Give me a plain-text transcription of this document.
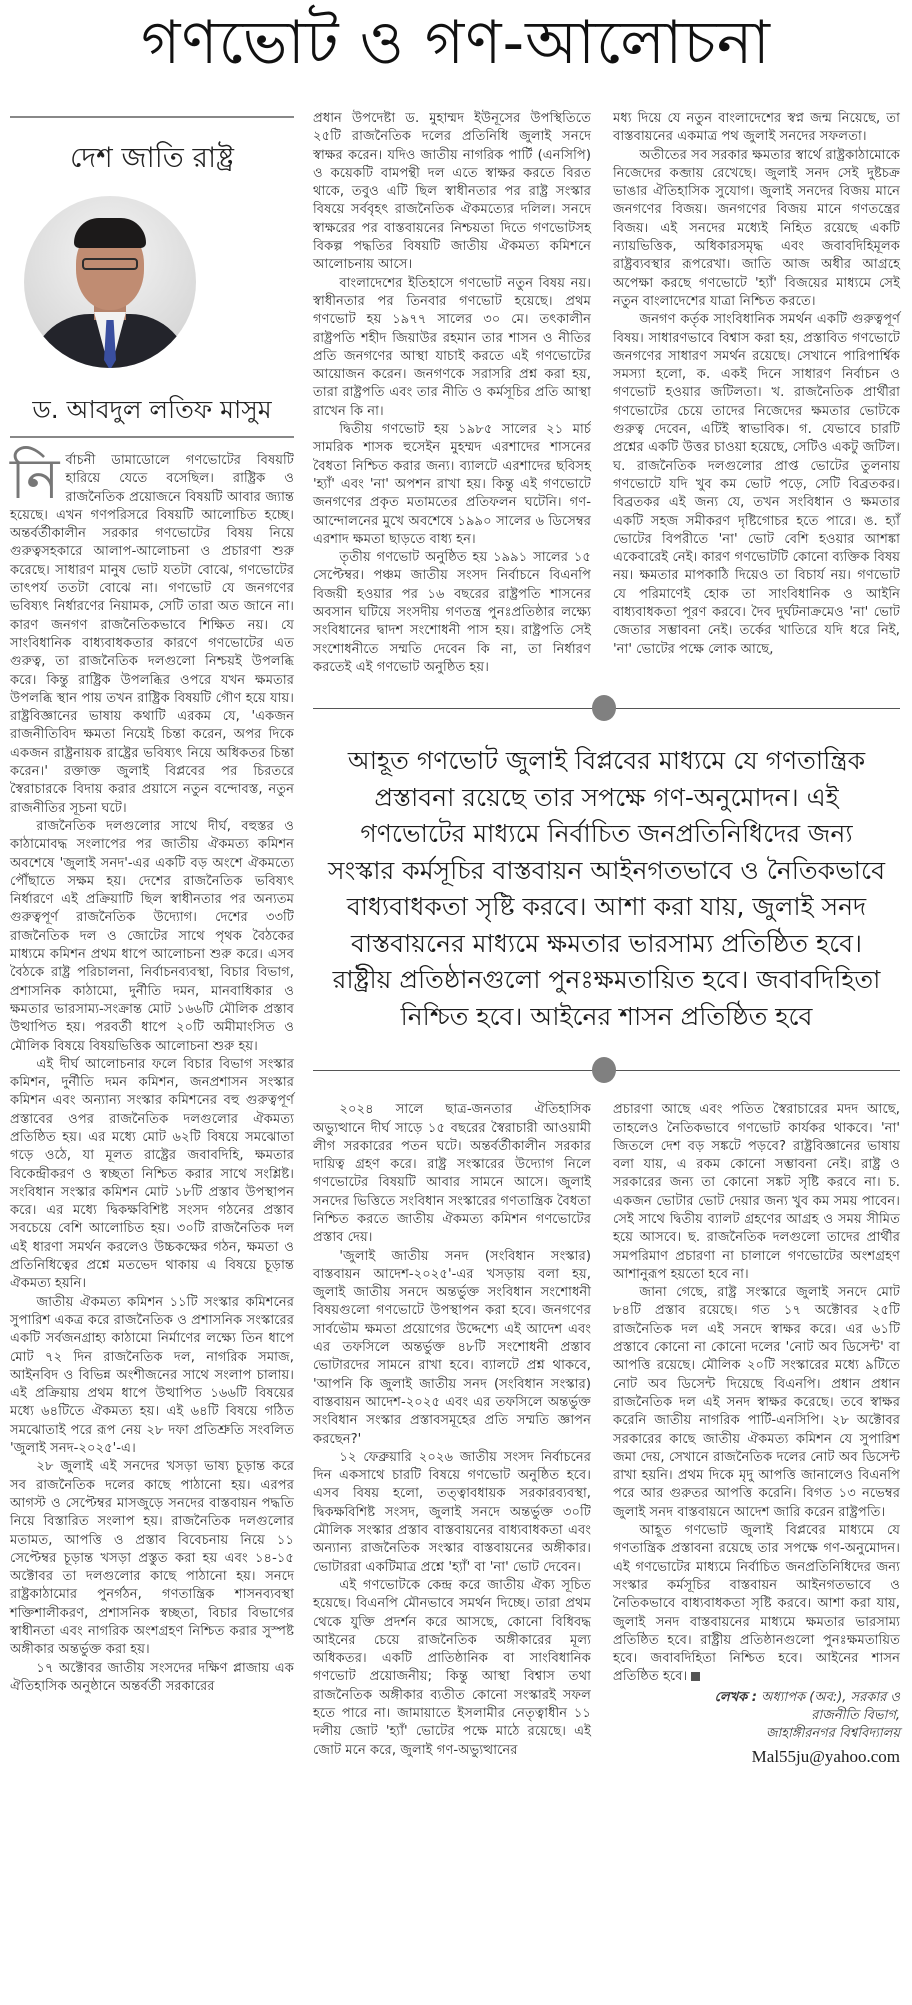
গণভোট ও গণ-আলোচনা
দেশ জাতি রাষ্ট্র
ড. আবদুল লতিফ মাসুম

নির্বাচনী ডামাডোলে গণভোটের বিষয়টি হারিয়ে যেতে বসেছিল। রাষ্ট্রিক ও রাজনৈতিক প্রয়োজনে বিষয়টি আবার জ্যান্ত হয়েছে। এখন গণপরিসরে বিষয়টি আলোচিত হচ্ছে। অন্তর্বর্তীকালীন সরকার গণভোটের বিষয় নিয়ে গুরুত্বসহকারে আলাপ-আলোচনা ও প্রচারণা শুরু করেছে। সাধারণ মানুষ ভোট যতটা বোঝে, গণভোটের তাৎপর্য ততটা বোঝে না। গণভোট যে জনগণের ভবিষ্যৎ নির্ধারণের নিয়ামক, সেটি তারা অত জানে না। কারণ জনগণ রাজনৈতিকভাবে শিক্ষিত নয়। যে সাংবিধানিক বাধ্যবাধকতার কারণে গণভোটের এত গুরুত্ব, তা রাজনৈতিক দলগুলো নিশ্চয়ই উপলব্ধি করে। কিন্তু রাষ্ট্রিক উপলব্ধির ওপরে যখন ক্ষমতার উপলব্ধি স্থান পায় তখন রাষ্ট্রিক বিষয়টি গৌণ হয়ে যায়। রাষ্ট্রবিজ্ঞানের ভাষায় কথাটি এরকম যে, 'একজন রাজনীতিবিদ ক্ষমতা নিয়েই চিন্তা করেন, অপর দিকে একজন রাষ্ট্রনায়ক রাষ্ট্রের ভবিষ্যৎ নিয়ে অধিকতর চিন্তা করেন।' রক্তাক্ত জুলাই বিপ্লবের পর চিরতরে স্বৈরাচারকে বিদায় করার প্রয়াসে নতুন বন্দোবস্ত, নতুন রাজনীতির সূচনা ঘটে।

রাজনৈতিক দলগুলোর সাথে দীর্ঘ, বহুস্তর ও কাঠামোবদ্ধ সংলাপের পর জাতীয় ঐকমত্য কমিশন অবশেষে 'জুলাই সনদ'-এর একটি বড় অংশে ঐকমত্যে পৌঁছাতে সক্ষম হয়। দেশের রাজনৈতিক ভবিষ্যৎ নির্ধারণে এই প্রক্রিয়াটি ছিল স্বাধীনতার পর অন্যতম গুরুত্বপূর্ণ রাজনৈতিক উদ্যোগ। দেশের ৩৩টি রাজনৈতিক দল ও জোটের সাথে পৃথক বৈঠকের মাধ্যমে কমিশন প্রথম ধাপে আলোচনা শুরু করে। এসব বৈঠকে রাষ্ট্র পরিচালনা, নির্বাচনব্যবস্থা, বিচার বিভাগ, প্রশাসনিক কাঠামো, দুর্নীতি দমন, মানবাধিকার ও ক্ষমতার ভারসাম্য-সংক্রান্ত মোট ১৬৬টি মৌলিক প্রস্তাব উত্থাপিত হয়। পরবর্তী ধাপে ২০টি অমীমাংসিত ও মৌলিক বিষয়ে বিষয়ভিত্তিক আলোচনা শুরু হয়।

এই দীর্ঘ আলোচনার ফলে বিচার বিভাগ সংস্কার কমিশন, দুর্নীতি দমন কমিশন, জনপ্রশাসন সংস্কার কমিশন এবং অন্যান্য সংস্কার কমিশনের বহু গুরুত্বপূর্ণ প্রস্তাবের ওপর রাজনৈতিক দলগুলোর ঐকমত্য প্রতিষ্ঠিত হয়। এর মধ্যে মোট ৬২টি বিষয়ে সমঝোতা গড়ে ওঠে, যা মূলত রাষ্ট্রের জবাবদিহি, ক্ষমতার বিকেন্দ্রীকরণ ও স্বচ্ছতা নিশ্চিত করার সাথে সংশ্লিষ্ট। সংবিধান সংস্কার কমিশন মোট ১৮টি প্রস্তাব উপস্থাপন করে। এর মধ্যে দ্বিকক্ষবিশিষ্ট সংসদ গঠনের প্রস্তাব সবচেয়ে বেশি আলোচিত হয়। ৩০টি রাজনৈতিক দল এই ধারণা সমর্থন করলেও উচ্চকক্ষের গঠন, ক্ষমতা ও প্রতিনিধিত্বের প্রশ্নে মতভেদ থাকায় এ বিষয়ে চূড়ান্ত ঐকমত্য হয়নি।

জাতীয় ঐকমত্য কমিশন ১১টি সংস্কার কমিশনের সুপারিশ একত্র করে রাজনৈতিক ও প্রশাসনিক সংস্কারের একটি সর্বজনগ্রাহ্য কাঠামো নির্মাণের লক্ষ্যে তিন ধাপে মোট ৭২ দিন রাজনৈতিক দল, নাগরিক সমাজ, আইনবিদ ও বিভিন্ন অংশীজনের সাথে সংলাপ চালায়। এই প্রক্রিয়ায় প্রথম ধাপে উত্থাপিত ১৬৬টি বিষয়ের মধ্যে ৬৪টিতে ঐকমত্য হয়। এই ৬৪টি বিষয়ে গঠিত সমঝোতাই পরে রূপ নেয় ২৮ দফা প্রতিশ্রুতি সংবলিত 'জুলাই সনদ-২০২৫'-এ।

২৮ জুলাই এই সনদের খসড়া ভাষ্য চূড়ান্ত করে সব রাজনৈতিক দলের কাছে পাঠানো হয়। এরপর আগস্ট ও সেপ্টেম্বর মাসজুড়ে সনদের বাস্তবায়ন পদ্ধতি নিয়ে বিস্তারিত সংলাপ হয়। রাজনৈতিক দলগুলোর মতামত, আপত্তি ও প্রস্তাব বিবেচনায় নিয়ে ১১ সেপ্টেম্বর চূড়ান্ত খসড়া প্রস্তুত করা হয় এবং ১৪-১৫ অক্টোবর তা দলগুলোর কাছে পাঠানো হয়। সনদে রাষ্ট্রকাঠামোর পুনর্গঠন, গণতান্ত্রিক শাসনব্যবস্থা শক্তিশালীকরণ, প্রশাসনিক স্বচ্ছতা, বিচার বিভাগের স্বাধীনতা এবং নাগরিক অংশগ্রহণ নিশ্চিত করার সুস্পষ্ট অঙ্গীকার অন্তর্ভুক্ত করা হয়।

১৭ অক্টোবর জাতীয় সংসদের দক্ষিণ প্লাজায় এক ঐতিহাসিক অনুষ্ঠানে অন্তর্বর্তী সরকারের

প্রধান উপদেষ্টা ড. মুহাম্মদ ইউনূসের উপস্থিতিতে ২৫টি রাজনৈতিক দলের প্রতিনিধি জুলাই সনদে স্বাক্ষর করেন। যদিও জাতীয় নাগরিক পার্টি (এনসিপি) ও কয়েকটি বামপন্থী দল এতে স্বাক্ষর করতে বিরত থাকে, তবুও এটি ছিল স্বাধীনতার পর রাষ্ট্র সংস্কার বিষয়ে সর্ববৃহৎ রাজনৈতিক ঐকমত্যের দলিল। সনদে স্বাক্ষরের পর বাস্তবায়নের নিশ্চয়তা দিতে গণভোটসহ বিকল্প পদ্ধতির বিষয়টি জাতীয় ঐকমত্য কমিশনে আলোচনায় আসে।

বাংলাদেশের ইতিহাসে গণভোট নতুন বিষয় নয়। স্বাধীনতার পর তিনবার গণভোট হয়েছে। প্রথম গণভোট হয় ১৯৭৭ সালের ৩০ মে। তৎকালীন রাষ্ট্রপতি শহীদ জিয়াউর রহমান তার শাসন ও নীতির প্রতি জনগণের আস্থা যাচাই করতে এই গণভোটের আয়োজন করেন। জনগণকে সরাসরি প্রশ্ন করা হয়, তারা রাষ্ট্রপতি এবং তার নীতি ও কর্মসূচির প্রতি আস্থা রাখেন কি না।

দ্বিতীয় গণভোট হয় ১৯৮৫ সালের ২১ মার্চ সামরিক শাসক হুসেইন মুহম্মদ এরশাদের শাসনের বৈধতা নিশ্চিত করার জন্য। ব্যালটে এরশাদের ছবিসহ 'হ্যাঁ' এবং 'না' অপশন রাখা হয়। কিন্তু এই গণভোটে জনগণের প্রকৃত মতামতের প্রতিফলন ঘটেনি। গণ-আন্দোলনের মুখে অবশেষে ১৯৯০ সালের ৬ ডিসেম্বর এরশাদ ক্ষমতা ছাড়তে বাধ্য হন।

তৃতীয় গণভোট অনুষ্ঠিত হয় ১৯৯১ সালের ১৫ সেপ্টেম্বর। পঞ্চম জাতীয় সংসদ নির্বাচনে বিএনপি বিজয়ী হওয়ার পর ১৬ বছরের রাষ্ট্রপতি শাসনের অবসান ঘটিয়ে সংসদীয় গণতন্ত্র পুনঃপ্রতিষ্ঠার লক্ষ্যে সংবিধানের দ্বাদশ সংশোধনী পাস হয়। রাষ্ট্রপতি সেই সংশোধনীতে সম্মতি দেবেন কি না, তা নির্ধারণ করতেই এই গণভোট অনুষ্ঠিত হয়।

মধ্য দিয়ে যে নতুন বাংলাদেশের স্বপ্ন জন্ম নিয়েছে, তা বাস্তবায়নের একমাত্র পথ জুলাই সনদের সফলতা।

অতীতের সব সরকার ক্ষমতার স্বার্থে রাষ্ট্রকাঠামোকে নিজেদের কব্জায় রেখেছে। জুলাই সনদ সেই দুষ্টচক্র ভাঙার ঐতিহাসিক সুযোগ। জুলাই সনদের বিজয় মানে জনগণের বিজয়। জনগণের বিজয় মানে গণতন্ত্রের বিজয়। এই সনদের মধ্যেই নিহিত রয়েছে একটি ন্যায়ভিত্তিক, অধিকারসমৃদ্ধ এবং জবাবদিহিমূলক রাষ্ট্রব্যবস্থার রূপরেখা। জাতি আজ অধীর আগ্রহে অপেক্ষা করছে গণভোটে 'হ্যাঁ' বিজয়ের মাধ্যমে সেই নতুন বাংলাদেশের যাত্রা নিশ্চিত করতে।

জনগণ কর্তৃক সাংবিধানিক সমর্থন একটি গুরুত্বপূর্ণ বিষয়। সাধারণভাবে বিশ্বাস করা হয়, প্রস্তাবিত গণভোটে জনগণের সাধারণ সমর্থন রয়েছে। সেখানে পারিপার্শ্বিক সমস্যা হলো, ক. একই দিনে সাধারণ নির্বাচন ও গণভোট হওয়ার জটিলতা। খ. রাজনৈতিক প্রার্থীরা গণভোটের চেয়ে তাদের নিজেদের ক্ষমতার ভোটকে গুরুত্ব দেবেন, এটিই স্বাভাবিক। গ. যেভাবে চারটি প্রশ্নের একটি উত্তর চাওয়া হয়েছে, সেটিও একটু জটিল। ঘ. রাজনৈতিক দলগুলোর প্রাপ্ত ভোটের তুলনায় গণভোটে যদি খুব কম ভোট পড়ে, সেটি বিব্রতকর। বিব্রতকর এই জন্য যে, তখন সংবিধান ও ক্ষমতার একটি সহজ সমীকরণ দৃষ্টিগোচর হতে পারে। ঙ. হ্যাঁ ভোটের বিপরীতে 'না' ভোট বেশি হওয়ার আশঙ্কা একেবারেই নেই। কারণ গণভোটটি কোনো ব্যক্তিক বিষয় নয়। ক্ষমতার মাপকাঠি দিয়েও তা বিচার্য নয়। গণভোট যে পরিমাণেই হোক তা সাংবিধানিক ও আইনি বাধ্যবাধকতা পূরণ করবে। দৈব দুর্ঘটনাক্রমেও 'না' ভোট জেতার সম্ভাবনা নেই। তর্কের খাতিরে যদি ধরে নিই, 'না' ভোটের পক্ষে লোক আছে,

আহূত গণভোট জুলাই বিপ্লবের মাধ্যমে যে গণতান্ত্রিক
প্রস্তাবনা রয়েছে তার সপক্ষে গণ-অনুমোদন। এই
গণভোটের মাধ্যমে নির্বাচিত জনপ্রতিনিধিদের জন্য
সংস্কার কর্মসূচির বাস্তবায়ন আইনগতভাবে ও নৈতিকভাবে
বাধ্যবাধকতা সৃষ্টি করবে। আশা করা যায়, জুলাই সনদ
বাস্তবায়নের মাধ্যমে ক্ষমতার ভারসাম্য প্রতিষ্ঠিত হবে।
রাষ্ট্রীয় প্রতিষ্ঠানগুলো পুনঃক্ষমতায়িত হবে। জবাবদিহিতা
নিশ্চিত হবে। আইনের শাসন প্রতিষ্ঠিত হবে

২০২৪ সালে ছাত্র-জনতার ঐতিহাসিক অভ্যুত্থানে দীর্ঘ সাড়ে ১৫ বছরের স্বৈরাচারী আওয়ামী লীগ সরকারের পতন ঘটে। অন্তর্বর্তীকালীন সরকার দায়িত্ব গ্রহণ করে। রাষ্ট্র সংস্কারের উদ্যোগ নিলে গণভোটের বিষয়টি আবার সামনে আসে। জুলাই সনদের ভিত্তিতে সংবিধান সংস্কারের গণতান্ত্রিক বৈধতা নিশ্চিত করতে জাতীয় ঐকমত্য কমিশন গণভোটের প্রস্তাব দেয়।

'জুলাই জাতীয় সনদ (সংবিধান সংস্কার) বাস্তবায়ন আদেশ-২০২৫'-এর খসড়ায় বলা হয়, জুলাই জাতীয় সনদে অন্তর্ভুক্ত সংবিধান সংশোধনী বিষয়গুলো গণভোটে উপস্থাপন করা হবে। জনগণের সার্বভৌম ক্ষমতা প্রয়োগের উদ্দেশ্যে এই আদেশ এবং এর তফসিলে অন্তর্ভুক্ত ৪৮টি সংশোধনী প্রস্তাব ভোটারদের সামনে রাখা হবে। ব্যালটে প্রশ্ন থাকবে, 'আপনি কি জুলাই জাতীয় সনদ (সংবিধান সংস্কার) বাস্তবায়ন আদেশ-২০২৫ এবং এর তফসিলে অন্তর্ভুক্ত সংবিধান সংস্কার প্রস্তাবসমূহের প্রতি সম্মতি জ্ঞাপন করছেন?'

১২ ফেব্রুয়ারি ২০২৬ জাতীয় সংসদ নির্বাচনের দিন একসাথে চারটি বিষয়ে গণভোট অনুষ্ঠিত হবে। এসব বিষয় হলো, তত্ত্বাবধায়ক সরকারব্যবস্থা, দ্বিকক্ষবিশিষ্ট সংসদ, জুলাই সনদে অন্তর্ভুক্ত ৩০টি মৌলিক সংস্কার প্রস্তাব বাস্তবায়নের বাধ্যবাধকতা এবং অন্যান্য রাজনৈতিক সংস্কার বাস্তবায়নের অঙ্গীকার। ভোটাররা একটিমাত্র প্রশ্নে 'হ্যাঁ' বা 'না' ভোট দেবেন।

এই গণভোটকে কেন্দ্র করে জাতীয় ঐক্য সূচিত হয়েছে। বিএনপি মৌনভাবে সমর্থন দিচ্ছে। তারা প্রথম থেকে যুক্তি প্রদর্শন করে আসছে, কোনো বিধিবদ্ধ আইনের চেয়ে রাজনৈতিক অঙ্গীকারের মূল্য অধিকতর। একটি প্রাতিষ্ঠানিক বা সাংবিধানিক গণভোট প্রয়োজনীয়; কিন্তু আস্থা বিশ্বাস তথা রাজনৈতিক অঙ্গীকার ব্যতীত কোনো সংস্কারই সফল হতে পারে না। জামায়াতে ইসলামীর নেতৃত্বাধীন ১১ দলীয় জোট 'হ্যাঁ' ভোটের পক্ষে মাঠে রয়েছে। এই জোট মনে করে, জুলাই গণ-অভ্যুত্থানের

প্রচারণা আছে এবং পতিত স্বৈরাচারের মদদ আছে, তাহলেও নৈতিকভাবে গণভোট কার্যকর থাকবে। 'না' জিতলে দেশ বড় সঙ্কটে পড়বে? রাষ্ট্রবিজ্ঞানের ভাষায় বলা যায়, এ রকম কোনো সম্ভাবনা নেই। রাষ্ট্র ও সরকারের জন্য তা কোনো সঙ্কট সৃষ্টি করবে না। চ. একজন ভোটার ভোট দেয়ার জন্য খুব কম সময় পাবেন। সেই সাথে দ্বিতীয় ব্যালট গ্রহণের আগ্রহ ও সময় সীমিত হয়ে আসবে। ছ. রাজনৈতিক দলগুলো তাদের প্রার্থীর সমপরিমাণ প্রচারণা না চালালে গণভোটের অংশগ্রহণ আশানুরূপ হয়তো হবে না।

জানা গেছে, রাষ্ট্র সংস্কারে জুলাই সনদে মোট ৮৪টি প্রস্তাব রয়েছে। গত ১৭ অক্টোবর ২৫টি রাজনৈতিক দল এই সনদে স্বাক্ষর করে। এর ৬১টি প্রস্তাবে কোনো না কোনো দলের 'নোট অব ডিসেন্ট' বা আপত্তি রয়েছে। মৌলিক ২০টি সংস্কারের মধ্যে ৯টিতে নোট অব ডিসেন্ট দিয়েছে বিএনপি। প্রধান প্রধান রাজনৈতিক দল এই সনদ স্বাক্ষর করেছে। তবে স্বাক্ষর করেনি জাতীয় নাগরিক পার্টি-এনসিপি। ২৮ অক্টোবর সরকারের কাছে জাতীয় ঐকমত্য কমিশন যে সুপারিশ জমা দেয়, সেখানে রাজনৈতিক দলের নোট অব ডিসেন্ট রাখা হয়নি। প্রথম দিকে মৃদু আপত্তি জানালেও বিএনপি পরে আর গুরুতর আপত্তি করেনি। বিগত ১৩ নভেম্বর জুলাই সনদ বাস্তবায়নে আদেশ জারি করেন রাষ্ট্রপতি।

আহূত গণভোট জুলাই বিপ্লবের মাধ্যমে যে গণতান্ত্রিক প্রস্তাবনা রয়েছে তার সপক্ষে গণ-অনুমোদন। এই গণভোটের মাধ্যমে নির্বাচিত জনপ্রতিনিধিদের জন্য সংস্কার কর্মসূচির বাস্তবায়ন আইনগতভাবে ও নৈতিকভাবে বাধ্যবাধকতা সৃষ্টি করবে। আশা করা যায়, জুলাই সনদ বাস্তবায়নের মাধ্যমে ক্ষমতার ভারসাম্য প্রতিষ্ঠিত হবে। রাষ্ট্রীয় প্রতিষ্ঠানগুলো পুনঃক্ষমতায়িত হবে। জবাবদিহিতা নিশ্চিত হবে। আইনের শাসন প্রতিষ্ঠিত হবে।

লেখক : অধ্যাপক (অব:), সরকার ও
রাজনীতি বিভাগ,
জাহাঙ্গীরনগর বিশ্ববিদ্যালয়
Mal55ju@yahoo.com
